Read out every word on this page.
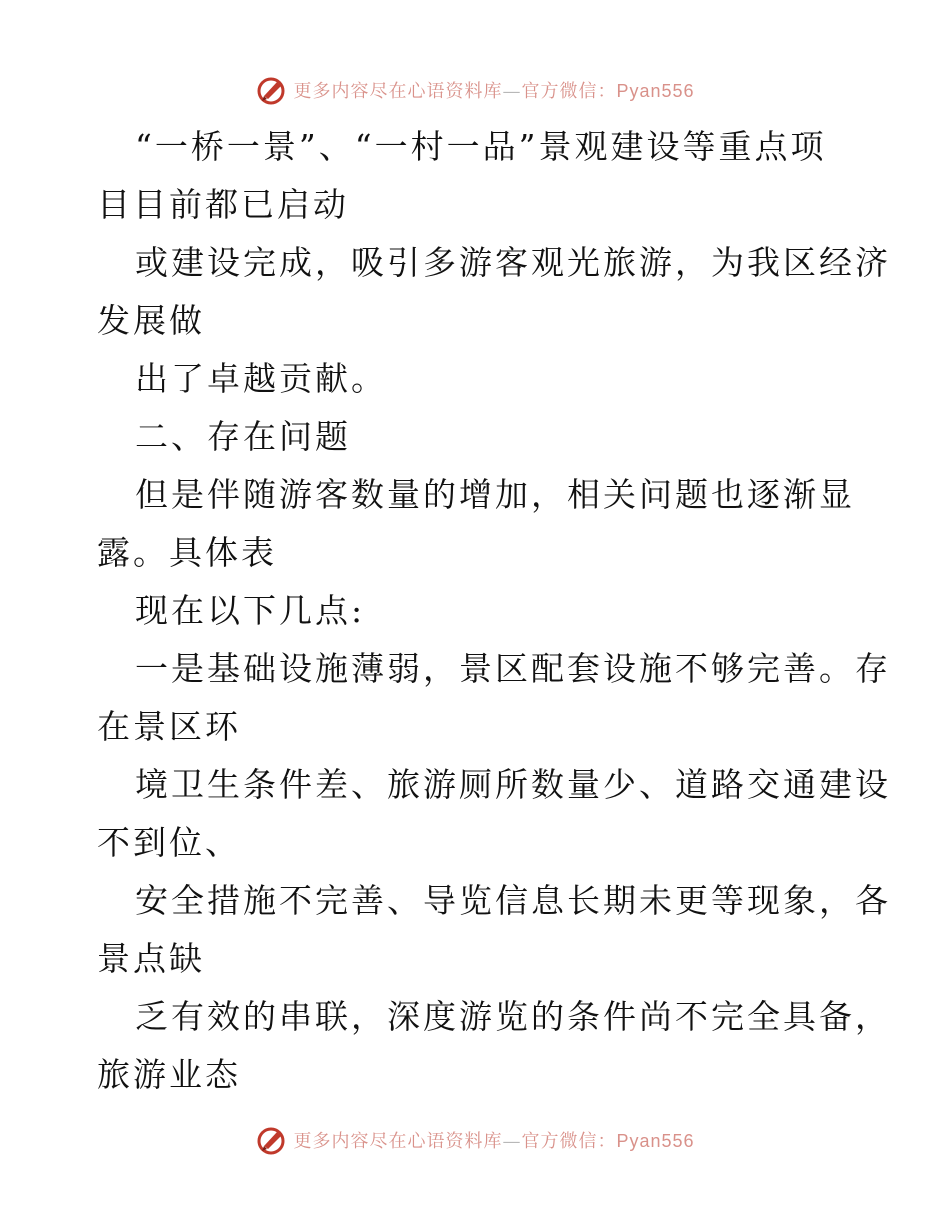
更多内容尽在心语资料库—官方微信：Pyan556
“一桥一景”、“一村一品”景观建设等重点项
目目前都已启动
或建设完成，吸引多游客观光旅游，为我区经济
发展做
出了卓越贡献。
二、存在问题
但是伴随游客数量的增加，相关问题也逐渐显
露。具体表
现在以下几点:
一是基础设施薄弱，景区配套设施不够完善。存
在景区环
境卫生条件差、旅游厕所数量少、道路交通建设
不到位、
安全措施不完善、导览信息长期未更等现象，各
景点缺
乏有效的串联，深度游览的条件尚不完全具备，
旅游业态
更多内容尽在心语资料库—官方微信：Pyan556
